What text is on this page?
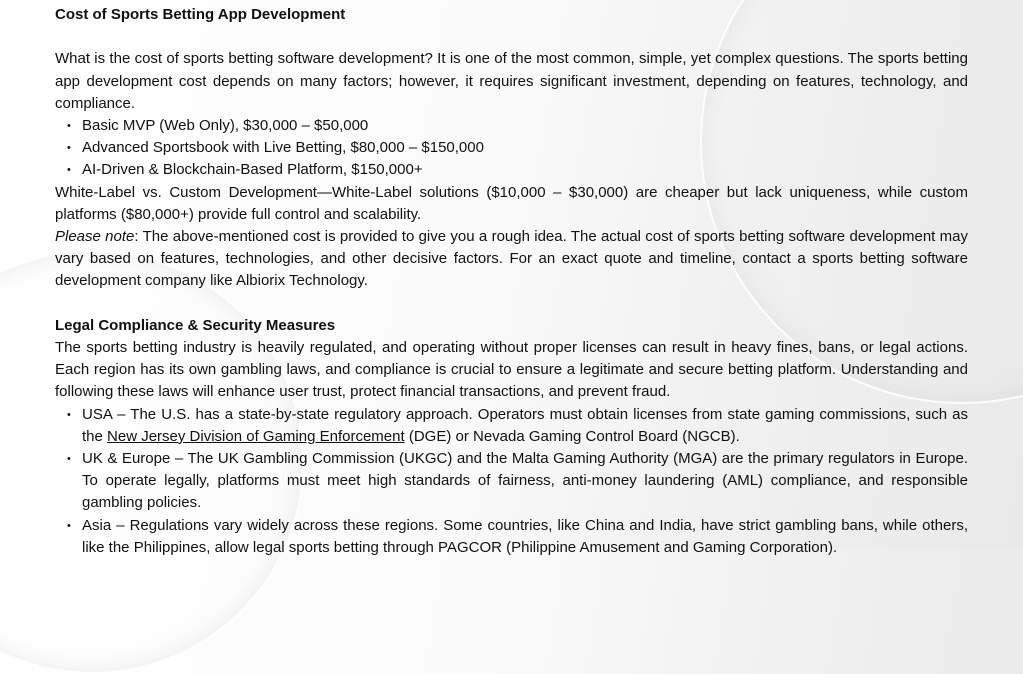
Cost of Sports Betting App Development

What is the cost of sports betting software development? It is one of the most common, simple, yet complex questions. The sports betting app development cost depends on many factors; however, it requires significant investment, depending on features, technology, and compliance.

• Basic MVP (Web Only), $30,000 – $50,000
• Advanced Sportsbook with Live Betting, $80,000 – $150,000
• AI-Driven & Blockchain-Based Platform, $150,000+

White-Label vs. Custom Development—White-Label solutions ($10,000 – $30,000) are cheaper but lack uniqueness, while custom platforms ($80,000+) provide full control and scalability.

Please note: The above-mentioned cost is provided to give you a rough idea. The actual cost of sports betting software development may vary based on features, technologies, and other decisive factors. For an exact quote and timeline, contact a sports betting software development company like Albiorix Technology.

Legal Compliance & Security Measures

The sports betting industry is heavily regulated, and operating without proper licenses can result in heavy fines, bans, or legal actions. Each region has its own gambling laws, and compliance is crucial to ensure a legitimate and secure betting platform. Understanding and following these laws will enhance user trust, protect financial transactions, and prevent fraud.

• USA – The U.S. has a state-by-state regulatory approach. Operators must obtain licenses from state gaming commissions, such as the New Jersey Division of Gaming Enforcement (DGE) or Nevada Gaming Control Board (NGCB).
• UK & Europe – The UK Gambling Commission (UKGC) and the Malta Gaming Authority (MGA) are the primary regulators in Europe. To operate legally, platforms must meet high standards of fairness, anti-money laundering (AML) compliance, and responsible gambling policies.
• Asia – Regulations vary widely across these regions. Some countries, like China and India, have strict gambling bans, while others, like the Philippines, allow legal sports betting through PAGCOR (Philippine Amusement and Gaming Corporation).
